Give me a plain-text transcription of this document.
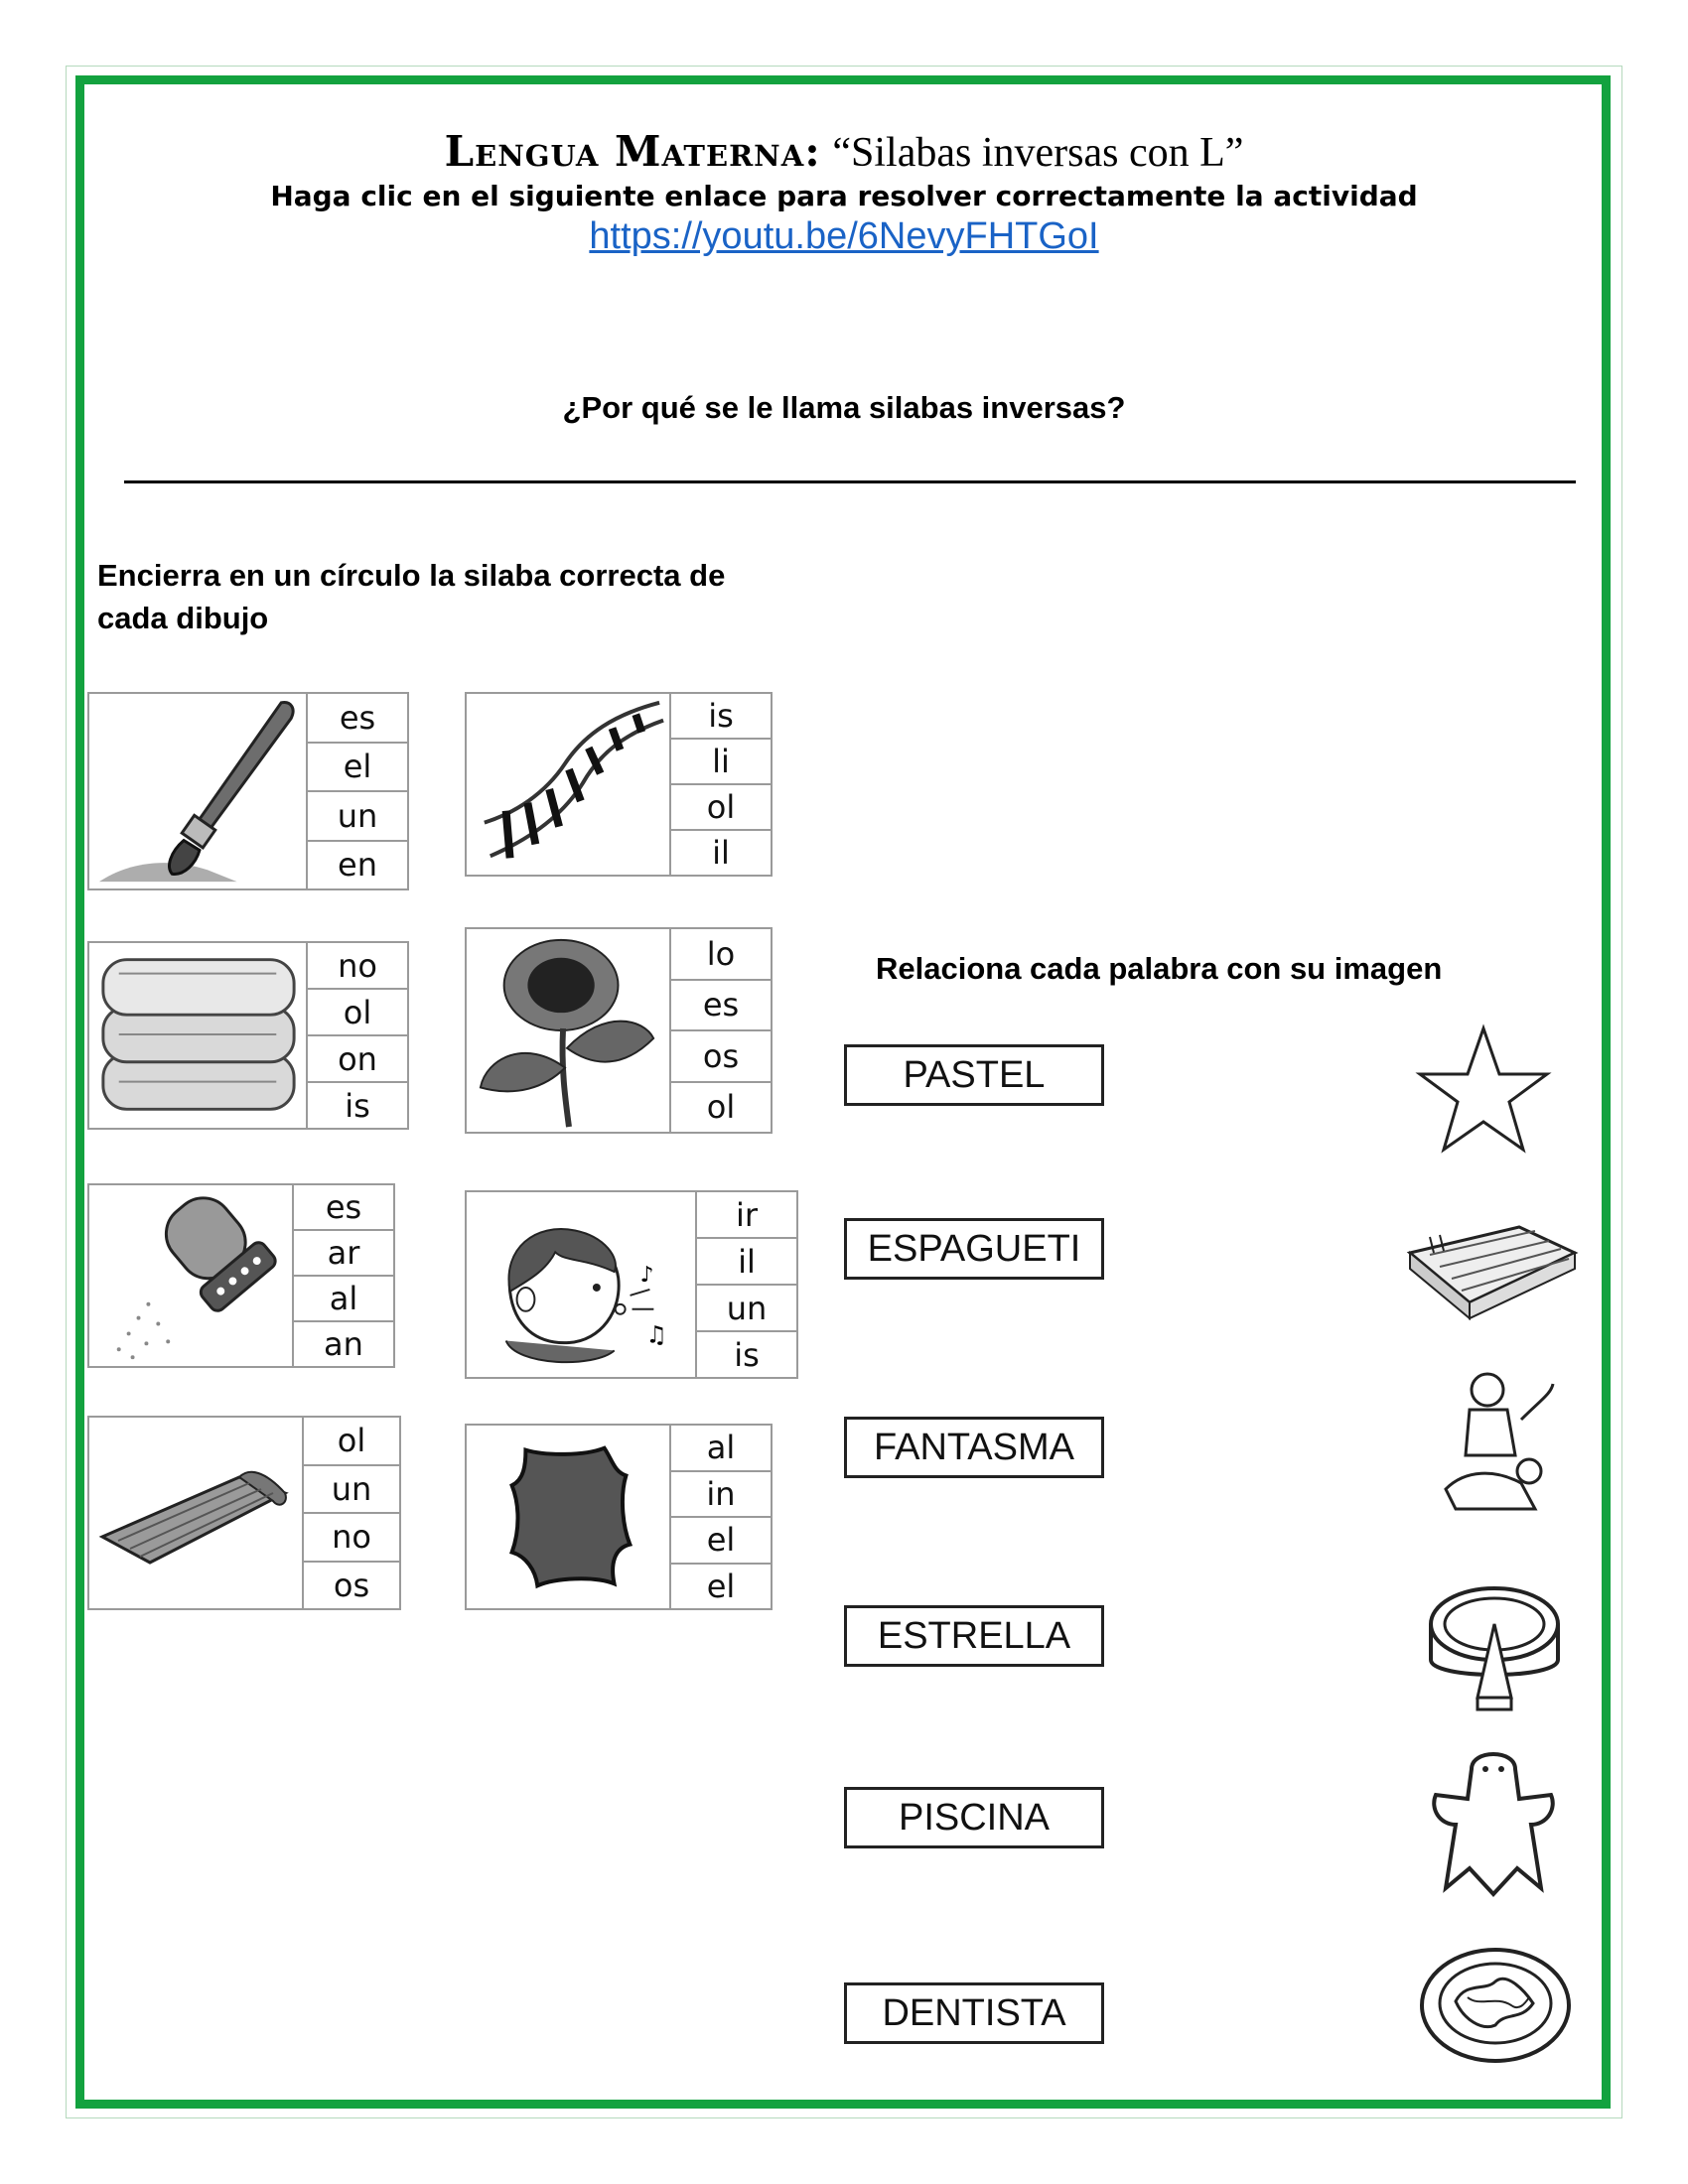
Lengua Materna: “Silabas inversas con L”
Haga clic en el siguiente enlace para resolver correctamente la actividad
https://youtu.be/6NevyFHTGoI
¿Por qué se le llama silabas inversas?
Encierra en un círculo la silaba correcta de cada dibujo
es
el
un
en
is
li
ol
il
no
ol
on
is
lo
es
os
ol
es
ar
al
an
♪
♫
ir
il
un
is
ol
un
no
os
al
in
el
el
Relaciona cada palabra con su imagen
PASTEL
ESPAGUETI
FANTASMA
ESTRELLA
PISCINA
DENTISTA
